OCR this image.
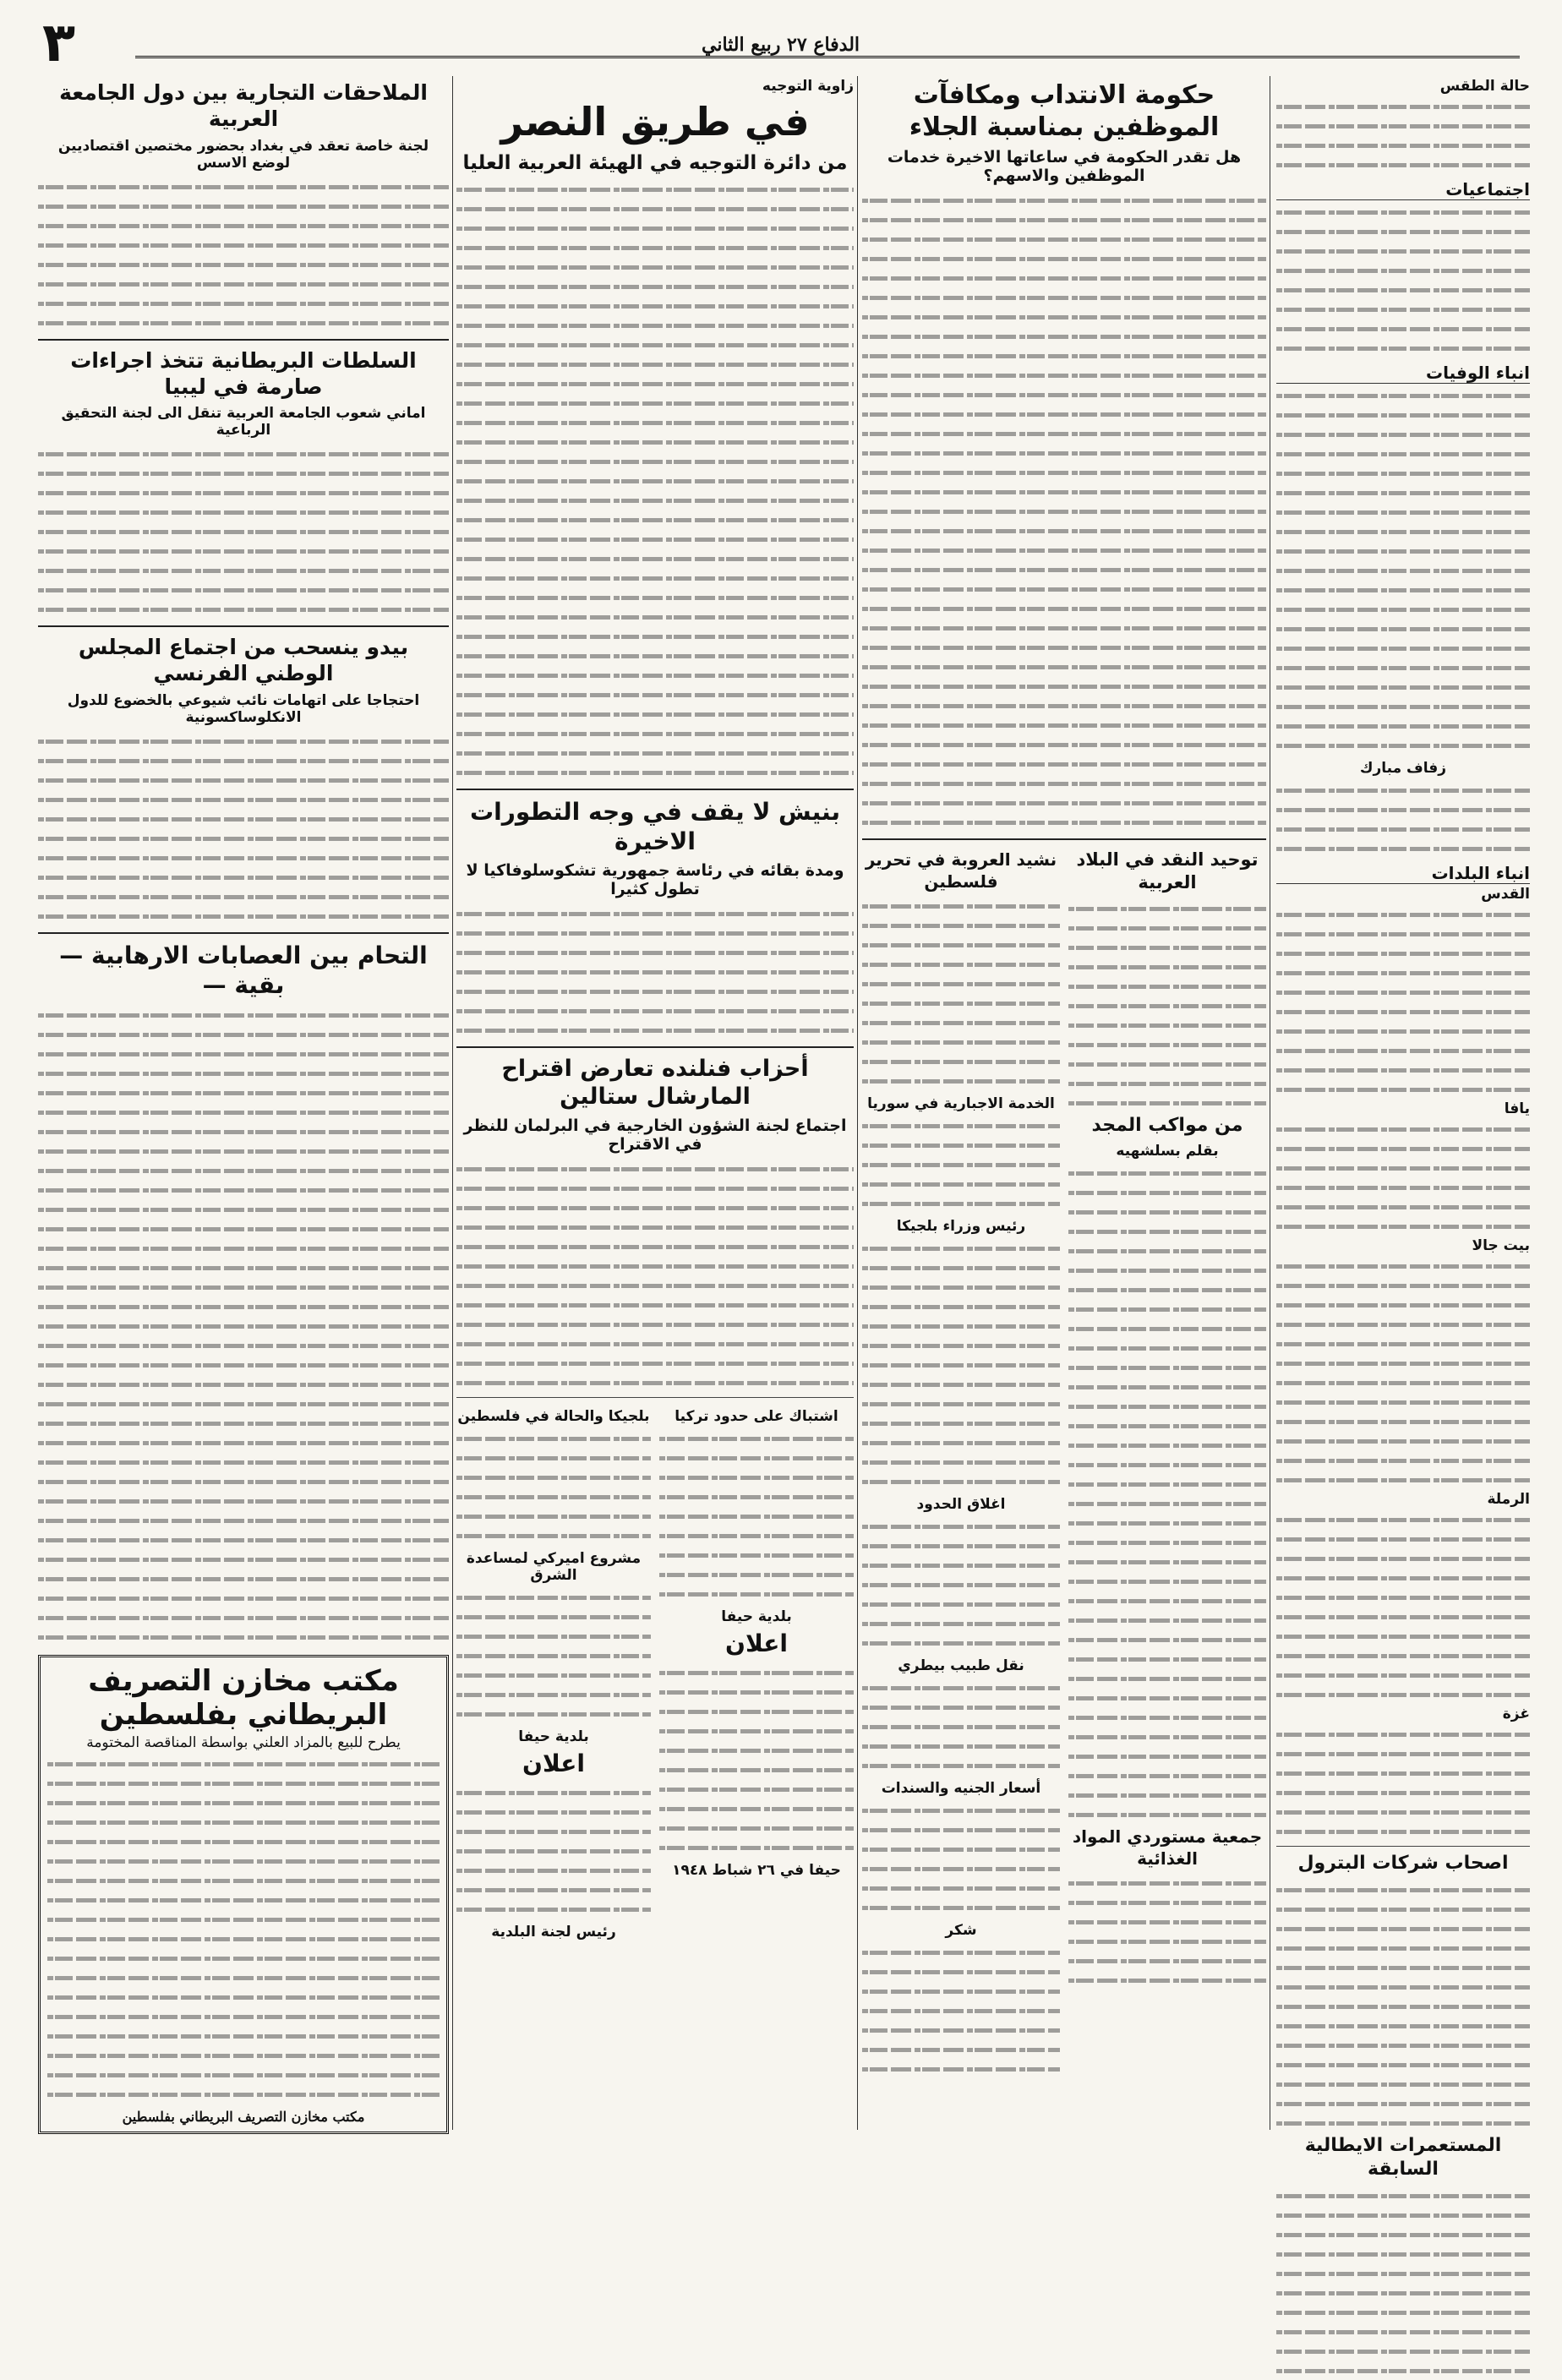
٣	الدفاع ٢٧ ربيع الثاني
حالة الطقس
اجتماعيات
انباء الوفيات
زفاف مبارك
انباء البلدات
القدس
يافا
بيت جالا
الرملة
غزة
اصحاب شركات البترول
المستعمرات الايطالية السابقة
حكومة الانتداب ومكافآت الموظفين بمناسبة الجلاء
هل تقدر الحكومة في ساعاتها الاخيرة خدمات الموظفين والاسهم؟
توحيد النقد في البلاد العربية
من مواكب المجد
بقلم بسلشهيه
جمعية مستوردي المواد الغذائية
نشيد العروبة في تحرير فلسطين
الخدمة الاجبارية في سوريا
رئيس وزراء بلجيكا
اغلاق الحدود
نقل طبيب بيطري
أسعار الجنيه والسندات
شكر
زاوية التوجيه
في طريق النصر
من دائرة التوجيه في الهيئة العربية العليا
بنيش لا يقف في وجه التطورات الاخيرة
ومدة بقائه في رئاسة جمهورية تشكوسلوفاكيا لا تطول كثيرا
أحزاب فنلنده تعارض اقتراح المارشال ستالين
اجتماع لجنة الشؤون الخارجية في البرلمان للنظر في الاقتراح
اشتباك على حدود تركيا
بلدية حيفا
اعلان
حيفا في ٢٦ شباط ١٩٤٨
بلجيكا والحالة في فلسطين
مشروع اميركي لمساعدة الشرق
بلدية حيفا
اعلان
رئيس لجنة البلدية
الملاحقات التجارية بين دول الجامعة العربية
لجنة خاصة تعقد في بغداد بحضور مختصين اقتصاديين لوضع الاسس
السلطات البريطانية تتخذ اجراءات صارمة في ليبيا
اماني شعوب الجامعة العربية تنقل الى لجنة التحقيق الرباعية
بيدو ينسحب من اجتماع المجلس الوطني الفرنسي
احتجاجا على اتهامات نائب شيوعي بالخضوع للدول الانكلوساكسونية
التحام بين العصابات الارهابية — بقية —
مكتب مخازن التصريف البريطاني بفلسطين
يطرح للبيع بالمزاد العلني بواسطة المناقصة المختومة
مكتب مخازن التصريف البريطاني بفلسطين
